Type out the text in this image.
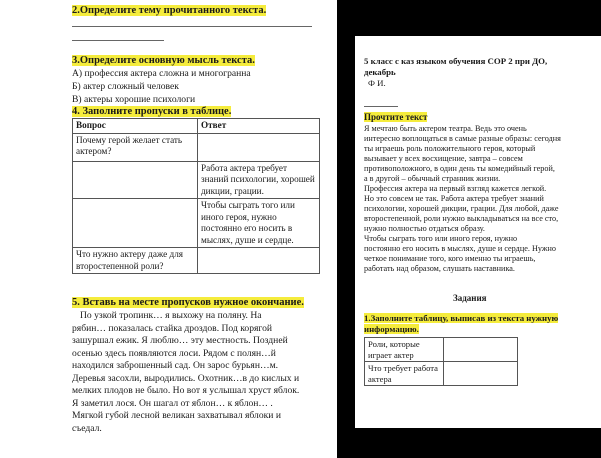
2.Определите тему прочитанного текста.
3.Определите основную мысль текста.
А) профессия актера сложна и многогранна
Б) актер сложный человек
В) актеры хорошие психологи
4. Заполните пропуски в таблице.
Вопрос	Ответ
Почему герой желает стать актером?	
	Работа актера требует знаний психологии, хорошей дикции, грации.
	Чтобы сыграть того или иного героя, нужно постоянно его носить в мыслях, душе и сердце.
Что нужно актеру даже для второстепенной роли?	
5. Вставь на месте пропусков нужное окончание.
По узкой тропинк… я выхожу на поляну. На
рябин… показалась стайка дроздов. Под корягой
зашуршал ежик. Я люблю… эту местность. Поздней
осенью здесь появляются лоси. Рядом с полян…й
находился заброшенный сад. Он зарос бурьян…м.
Деревья засохли, выродились. Охотник…в до кислых и
мелких плодов не было. Но вот я услышал хруст яблок.
Я заметил лося. Он шагал от яблон… к яблон… .
Мягкой губой лесной великан захватывал яблоки и
съедал.
5 класс с каз языком обучения СОР 2 при ДО,
декабрь
Ф И.
Прочтите текст
Я мечтаю быть актером театра. Ведь это очень
интересно воплощаться в самые разные образы: сегодня
ты играешь роль положительного героя, который
вызывает у всех восхищение, завтра – совсем
противоположного, в один день ты комедийный герой,
а в другой – обычный странник жизни.
Профессия актера на первый взгляд кажется легкой.
Но это совсем не так. Работа актера требует знаний
психологии, хорошей дикции, грации. Для любой, даже
второстепенной, роли нужно выкладываться на все сто,
нужно полностью отдаться образу.
Чтобы сыграть того или иного героя, нужно
постоянно его носить в мыслях, душе и сердце. Нужно
четкое понимание того, кого именно ты играешь,
работать над образом, слушать наставника.
Задания
1.Заполните таблицу, выписав из текста нужную информацию.
Роли, которые играет актер	
Что требует работа актера	
